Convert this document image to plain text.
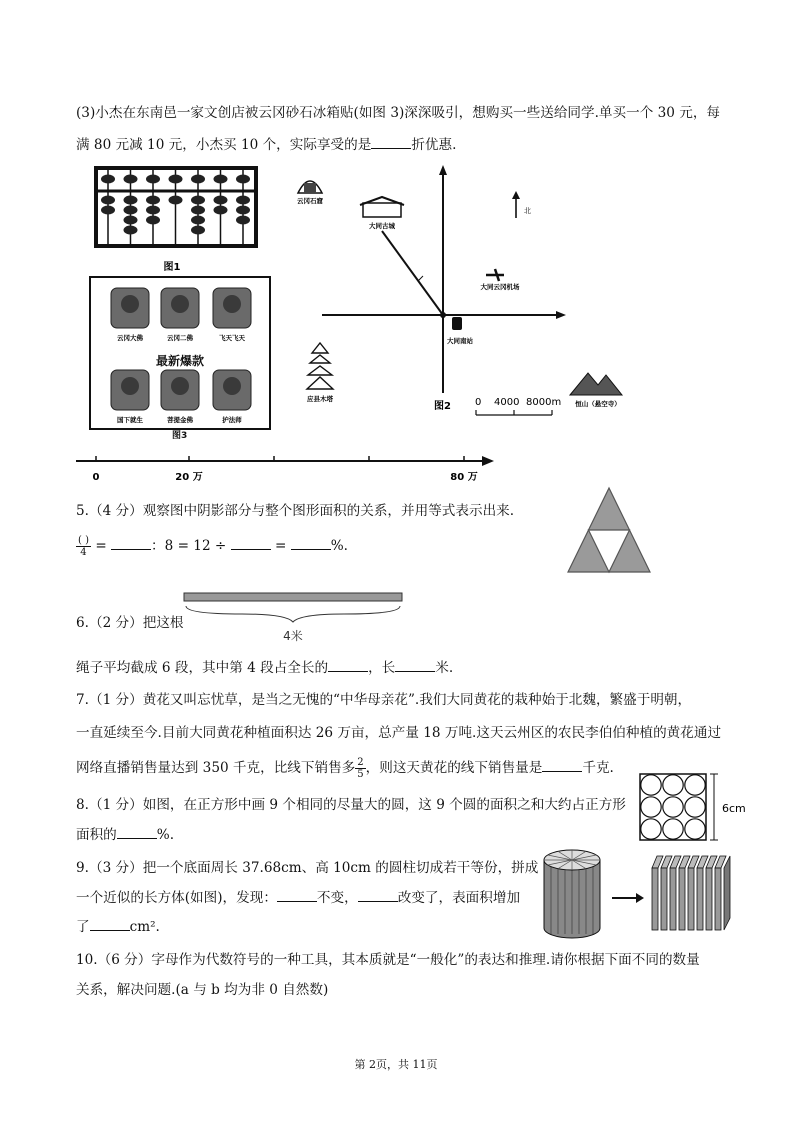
(3)小杰在东南邑一家文创店被云冈砂石冰箱贴(如图 3)深深吸引，想购买一些送给同学.单买一个 30 元，每
满 80 元减 10 元，小杰买 10 个，实际享受的是	折优惠.
图1
最新爆款
云冈大佛	云冈二佛	飞天飞天
国下就生	菩提金佛	护法师
图3
北
云冈石窟
大同古城
大同云冈机场
大同南站
应县木塔
图2 0 4000 8000m 恒山（悬空寺）
0	20 万	80 万
5.（4 分）观察图中阴影部分与整个图形面积的关系，并用等式表示出来.
$\frac{( )}{4}$ =	：8 = 12 ÷	=	%.
6.（2 分）把这根
4米
绳子平均截成 6 段，其中第 4 段占全长的	，长	米.
7.（1 分）黄花又叫忘忧草，是当之无愧的“中华母亲花”.我们大同黄花的栽种始于北魏，繁盛于明朝，
一直延续至今.目前大同黄花种植面积达 26 万亩，总产量 18 万吨.这天云州区的农民李伯伯种植的黄花通过
网络直播销售量达到 350 千克，比线下销售多 $\frac{2}{5}$ ，则这天黄花的线下销售量是	千克.
8.（1 分）如图，在正方形中画 9 个相同的尽量大的圆，这 9 个圆的面积之和大约占正方形
面积的	%.
6cm
9.（3 分）把一个底面周长 37.68cm、高 10cm 的圆柱切成若干等份，拼成
一个近似的长方体(如图)，发现：	不变，	改变了，表面积增加
了	cm².
10.（6 分）字母作为代数符号的一种工具，其本质就是“一般化”的表达和推理.请你根据下面不同的数量
关系，解决问题.(a 与 b 均为非 0 自然数)
第 2页，共 11页
